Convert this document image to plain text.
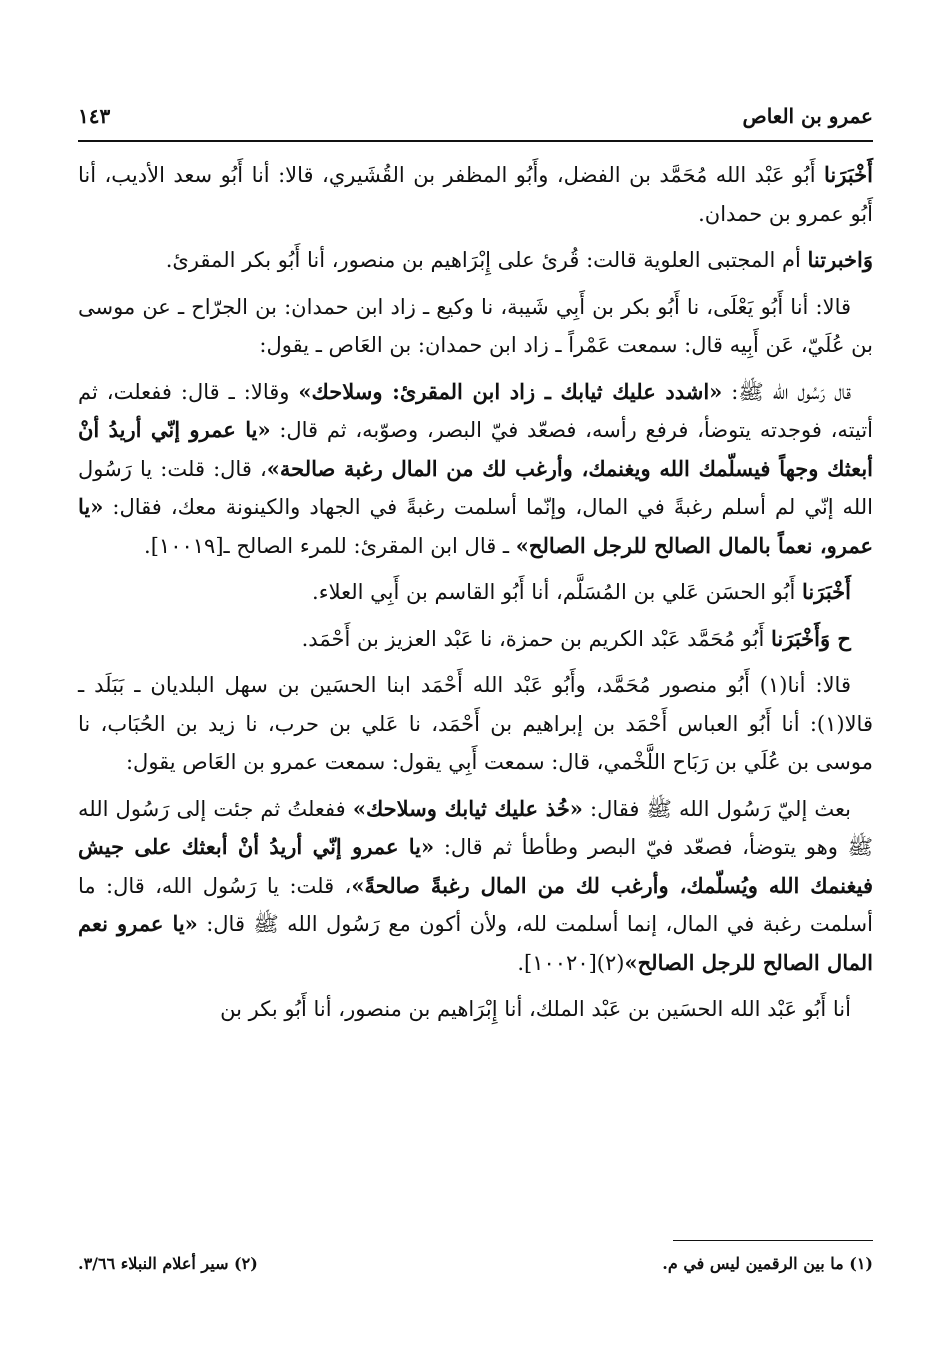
عمرو بن العاص
١٤٣

أَخْبَرَنا أَبُو عَبْد الله مُحَمَّد بن الفضل، وأَبُو المظفر بن القُشَيري، قالا: أنا أَبُو سعد الأديب، أنا أَبُو عمرو بن حمدان.

وَاخبرتنا أم المجتبى العلوية قالت: قُرئ على إِبْرَاهيم بن منصور، أنا أَبُو بكر المقرئ.

قالا: أنا أَبُو يَعْلَى، نا أَبُو بكر بن أَبِي شَيبة، نا وكيع ـ زاد ابن حمدان: بن الجرّاح ـ عن موسى بن عُلَيّ، عَن أَبِيه قال: سمعت عَمْراً ـ زاد ابن حمدان: بن العَاص ـ يقول:

قال رَسُول الله ﷺ: «اشدد عليك ثيابك ـ زاد ابن المقرئ: وسلاحك» وقالا: ـ قال: ففعلت، ثم أتيته، فوجدته يتوضأ، فرفع رأسه، فصعّد فيّ البصر، وصوّبه، ثم قال: «يا عمرو إنّي أريدُ أنْ أبعثك وجهاً فيسلّمك الله ويغنمك، وأرغب لك من المال رغبة صالحة»، قال: قلت: يا رَسُول الله إنّي لم أسلم رغبةً في المال، وإنّما أسلمت رغبةً في الجهاد والكينونة معك، فقال: «يا عمرو، نعماً بالمال الصالح للرجل الصالح» ـ قال ابن المقرئ: للمرء الصالح ـ[١٠٠١٩].

أَخْبَرَنا أَبُو الحسَن عَلي بن المُسَلَّم، أنا أَبُو القاسم بن أَبِي العلاء.

ح وَأَخْبَرَنا أَبُو مُحَمَّد عَبْد الكريم بن حمزة، نا عَبْد العزيز بن أَحْمَد.

قالا: أنا(١) أَبُو منصور مُحَمَّد، وأَبُو عَبْد الله أَحْمَد ابنا الحسَين بن سهل البلديان ـ بَبَلَد ـ قالا(١): أنا أَبُو العباس أَحْمَد بن إبراهيم بن أَحْمَد، نا عَلي بن حرب، نا زيد بن الحُبَاب، نا موسى بن عُلَي بن رَبَاح اللَّخْمي، قال: سمعت أَبِي يقول: سمعت عمرو بن العَاص يقول:

بعث إليّ رَسُول الله ﷺ فقال: «خُذ عليك ثيابك وسلاحك» ففعلتُ ثم جئت إلى رَسُول الله ﷺ وهو يتوضأ، فصعّد فيّ البصر وطأطأ ثم قال: «يا عمرو إنّي أريدُ أنْ أبعثك على جيش فيغنمك الله ويُسلّمك، وأرغب لك من المال رغبةً صالحةً»، قلت: يا رَسُول الله، قال: ما أسلمت رغبة في المال، إنما أسلمت لله، ولأن أكون مع رَسُول الله ﷺ قال: «يا عمرو نعم المال الصالح للرجل الصالح»(٢)[١٠٠٢٠].

أنا أَبُو عَبْد الله الحسَين بن عَبْد الملك، أنا إِبْرَاهيم بن منصور، أنا أَبُو بكر بن

(١) ما بين الرقمين ليس في م.
(٢) سير أعلام النبلاء ٣/٦٦.
